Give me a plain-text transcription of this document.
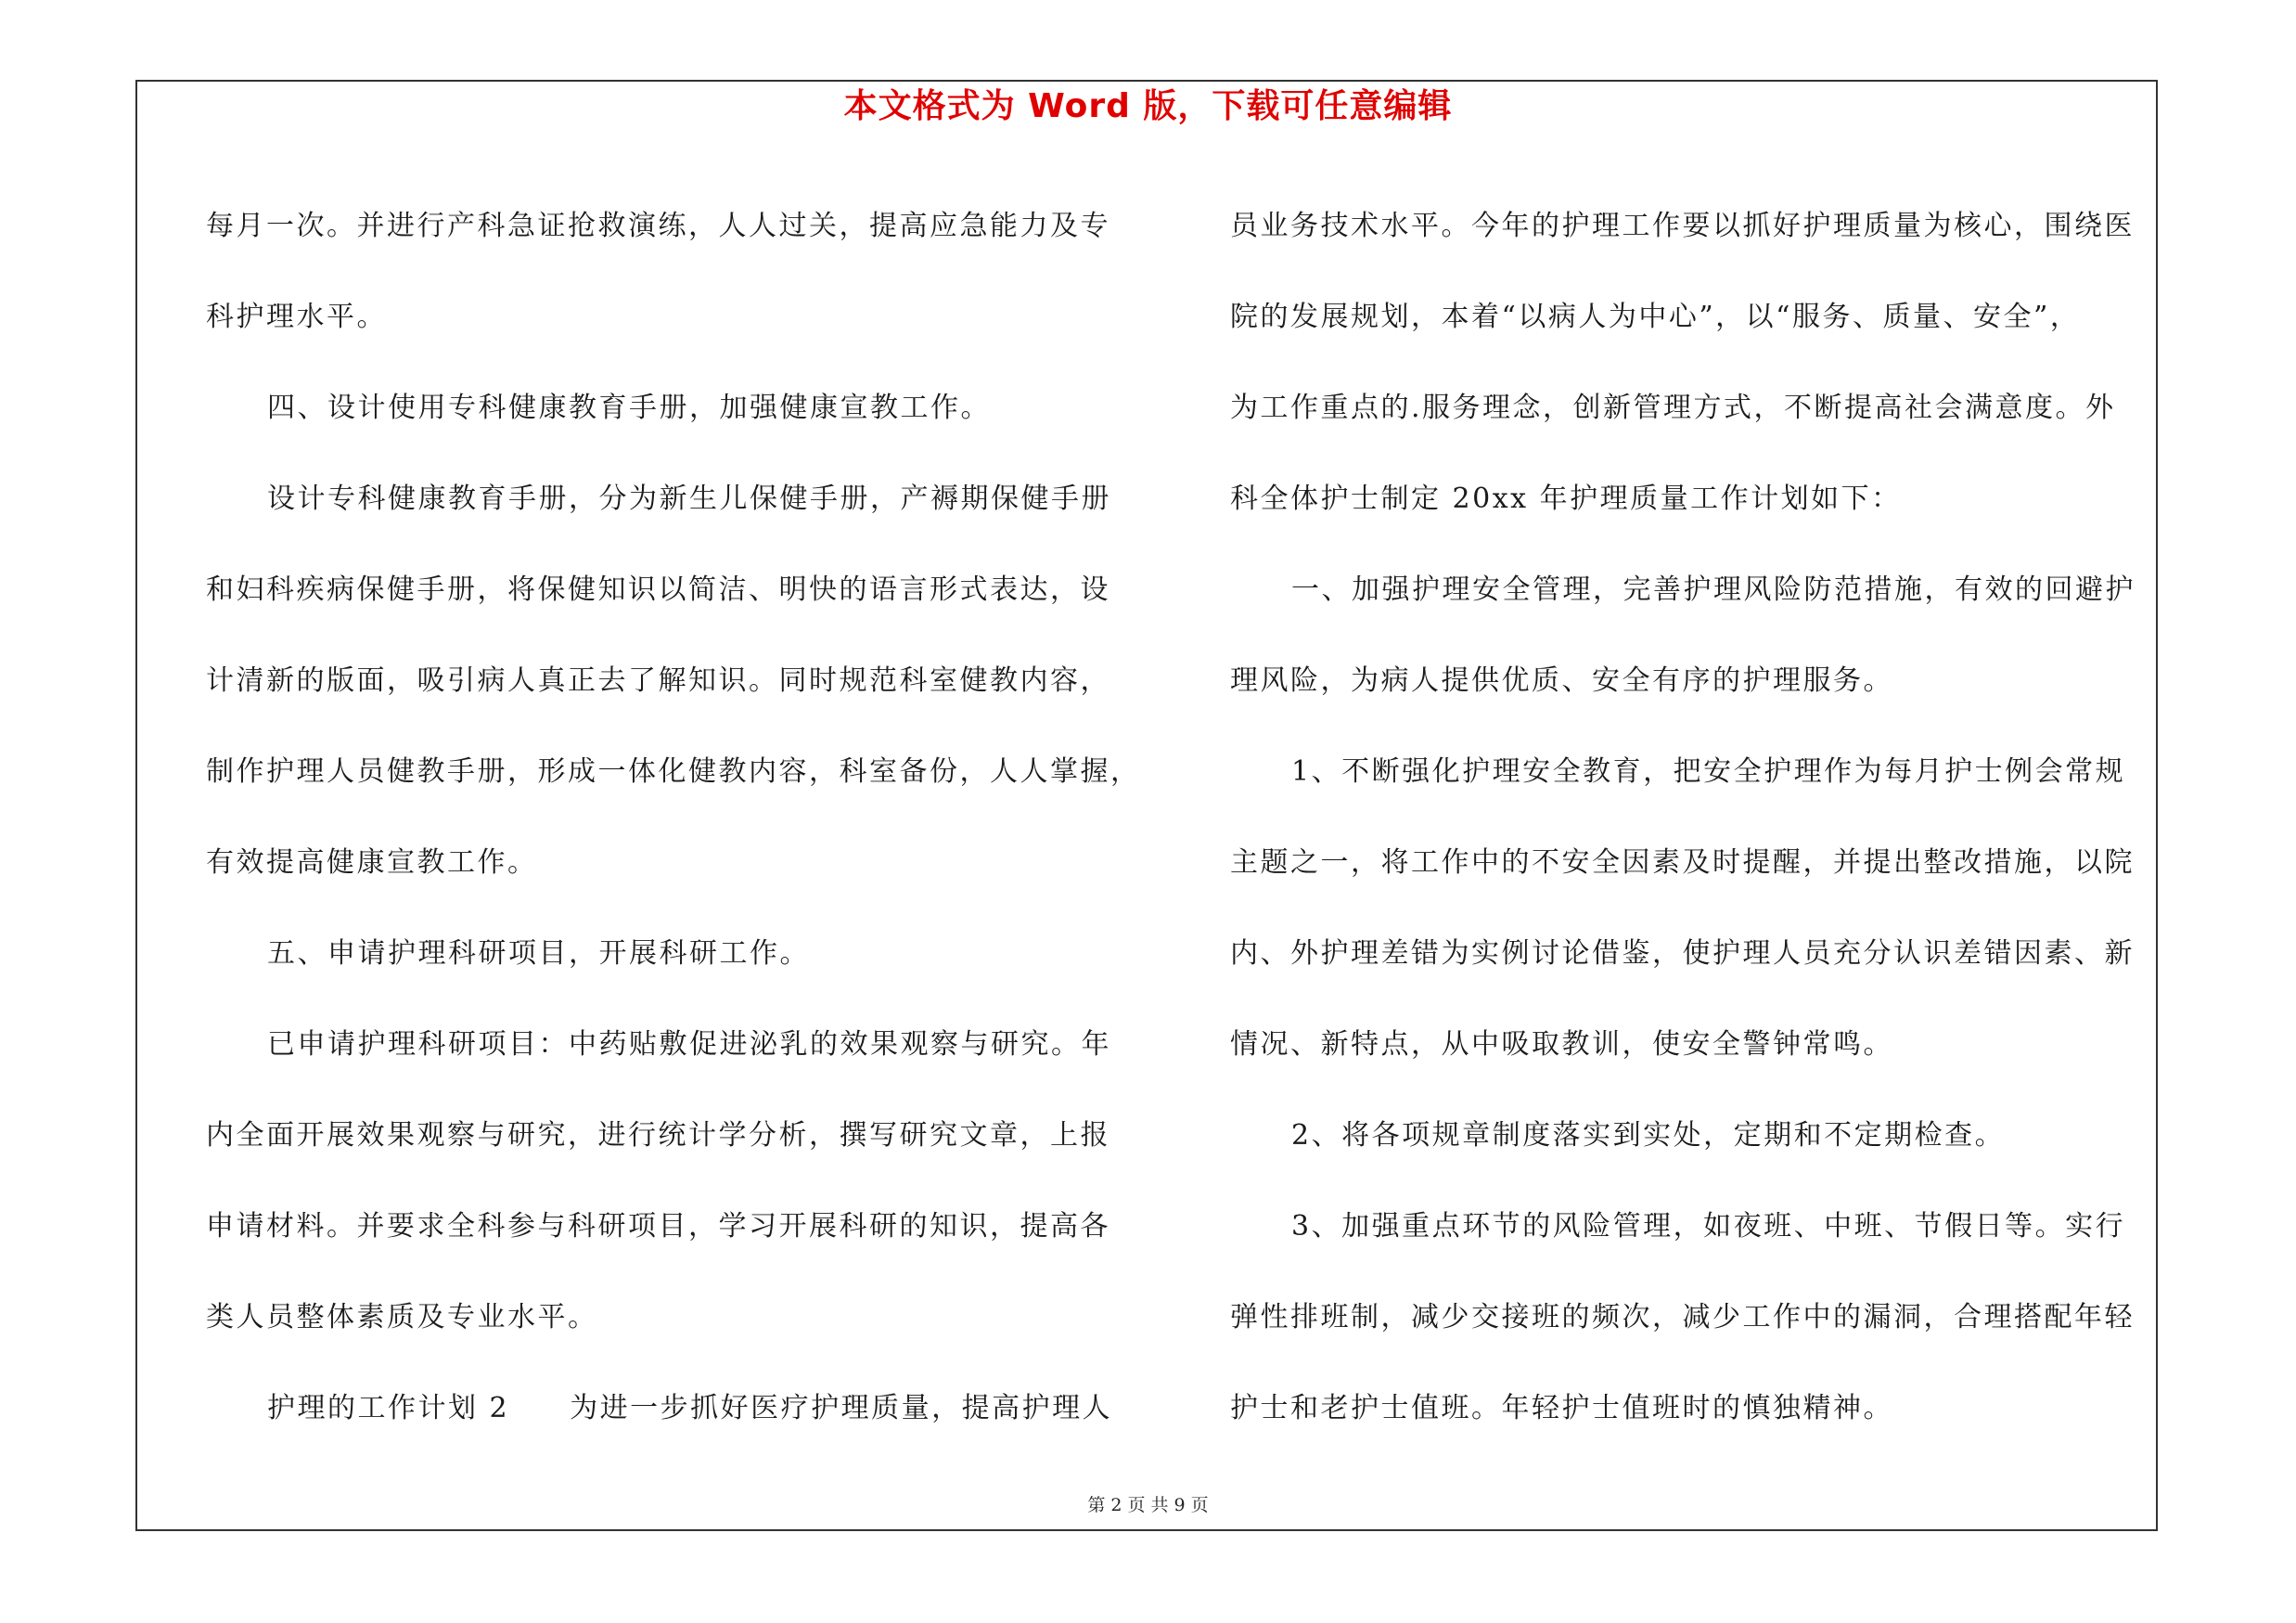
本文格式为 Word 版，下载可任意编辑
每月一次。并进行产科急证抢救演练，人人过关，提高应急能力及专
科护理水平。
四、设计使用专科健康教育手册，加强健康宣教工作。
设计专科健康教育手册，分为新生儿保健手册，产褥期保健手册
和妇科疾病保健手册，将保健知识以简洁、明快的语言形式表达，设
计清新的版面，吸引病人真正去了解知识。同时规范科室健教内容，
制作护理人员健教手册，形成一体化健教内容，科室备份，人人掌握，
有效提高健康宣教工作。
五、申请护理科研项目，开展科研工作。
已申请护理科研项目：中药贴敷促进泌乳的效果观察与研究。年
内全面开展效果观察与研究，进行统计学分析，撰写研究文章，上报
申请材料。并要求全科参与科研项目，学习开展科研的知识，提高各
类人员整体素质及专业水平。
护理的工作计划 2　　为进一步抓好医疗护理质量，提高护理人
员业务技术水平。今年的护理工作要以抓好护理质量为核心，围绕医
院的发展规划，本着“以病人为中心”，以“服务、质量、安全”，
为工作重点的.服务理念，创新管理方式，不断提高社会满意度。外
科全体护士制定 20xx 年护理质量工作计划如下：
一、加强护理安全管理，完善护理风险防范措施，有效的回避护
理风险，为病人提供优质、安全有序的护理服务。
1、不断强化护理安全教育，把安全护理作为每月护士例会常规
主题之一，将工作中的不安全因素及时提醒，并提出整改措施，以院
内、外护理差错为实例讨论借鉴，使护理人员充分认识差错因素、新
情况、新特点，从中吸取教训，使安全警钟常鸣。
2、将各项规章制度落实到实处，定期和不定期检查。
3、加强重点环节的风险管理，如夜班、中班、节假日等。实行
弹性排班制，减少交接班的频次，减少工作中的漏洞，合理搭配年轻
护士和老护士值班。年轻护士值班时的慎独精神。
第 2 页 共 9 页
